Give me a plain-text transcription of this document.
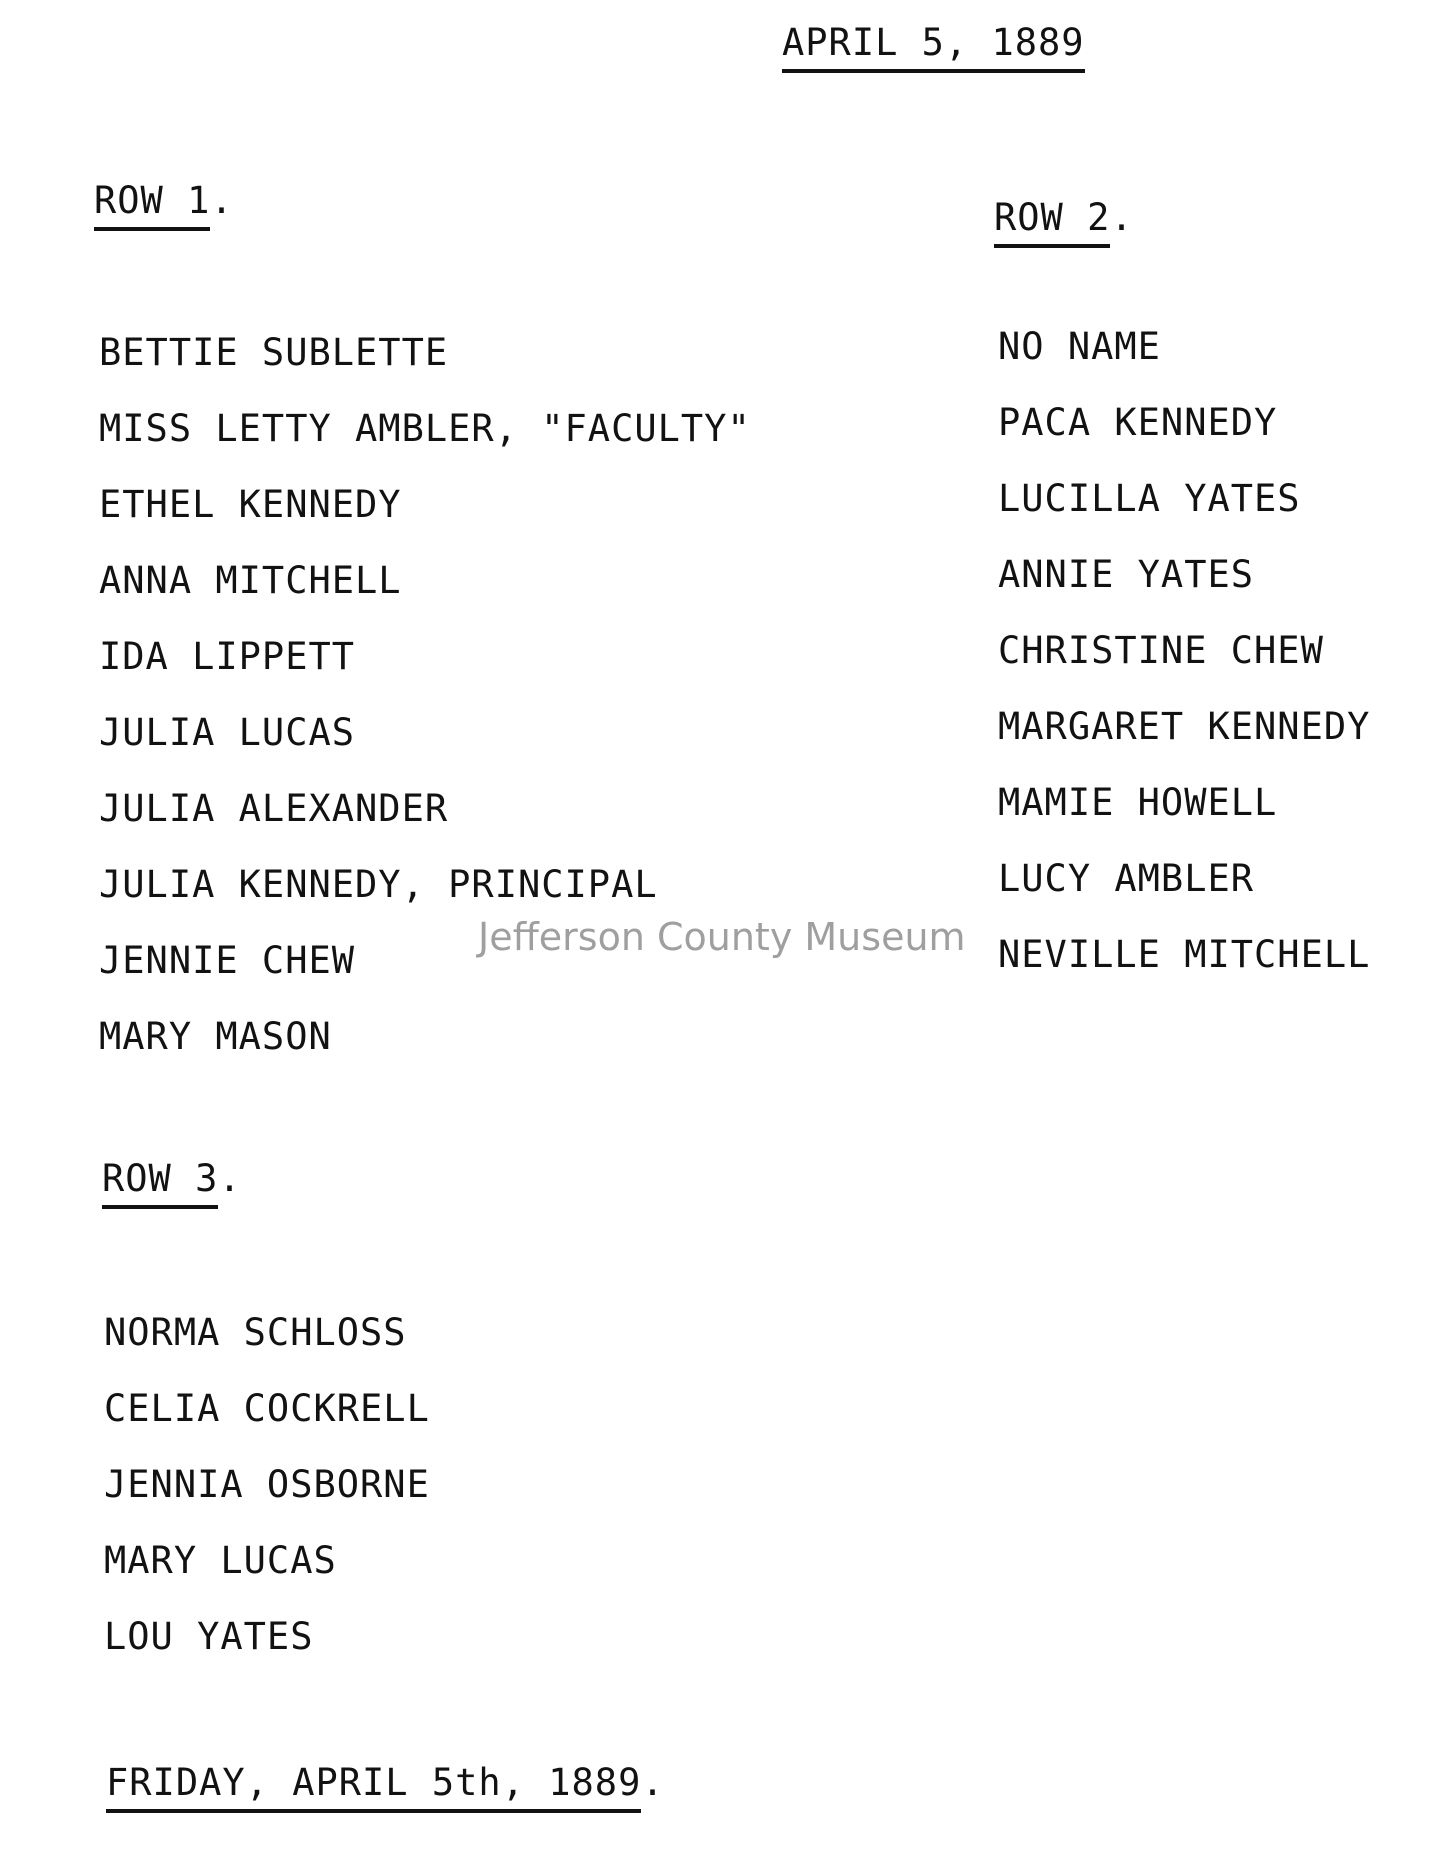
APRIL 5, 1889
ROW 1.	ROW 2.
BETTIE SUBLETTE
MISS LETTY AMBLER, "FACULTY"
ETHEL KENNEDY
ANNA MITCHELL
IDA LIPPETT
JULIA LUCAS
JULIA ALEXANDER
JULIA KENNEDY, PRINCIPAL
JENNIE CHEW
MARY MASON
NO NAME
PACA KENNEDY
LUCILLA YATES
ANNIE YATES
CHRISTINE CHEW
MARGARET KENNEDY
MAMIE HOWELL
LUCY AMBLER
NEVILLE MITCHELL
Jefferson County Museum
ROW 3.
NORMA SCHLOSS
CELIA COCKRELL
JENNIA OSBORNE
MARY LUCAS
LOU YATES
FRIDAY, APRIL 5th, 1889.
